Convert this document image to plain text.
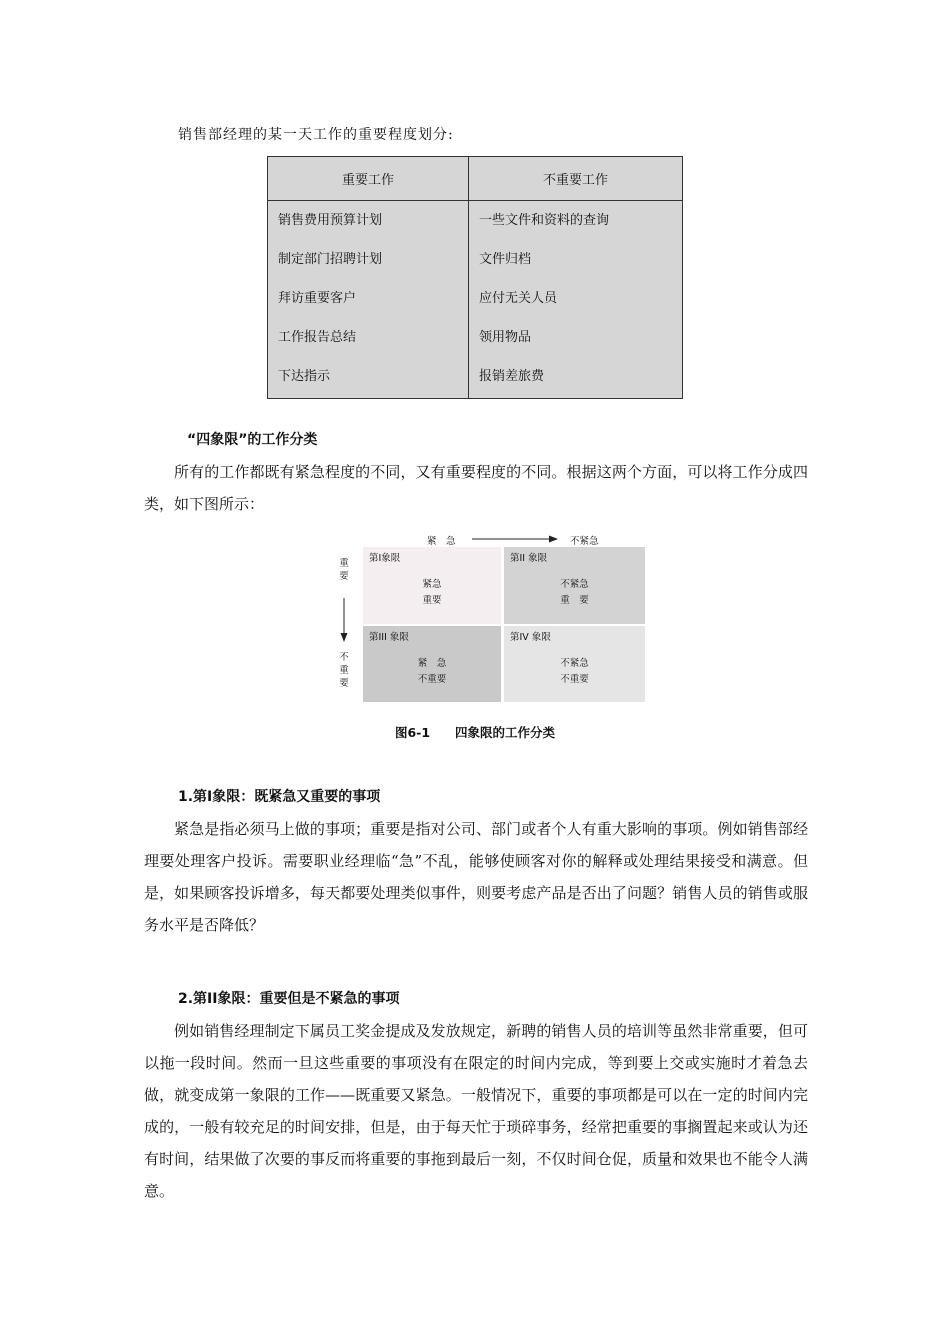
销售部经理的某一天工作的重要程度划分:
重要工作	不重要工作

销售费用预算计划	一些文件和资料的查询

制定部门招聘计划	文件归档

拜访重要客户	应付无关人员

工作报告总结	领用物品

下达指示	报销差旅费
“四象限”的工作分类
所有的工作都既有紧急程度的不同，又有重要程度的不同。根据这两个方面，可以将工作分成四类，如下图所示：
紧　急	不紧急
重
要
不
重
要
第Ⅰ象限
紧急
重要
第II 象限
不紧急
重　要
第III 象限
紧　急
不重要
第IV 象限
不紧急
不重要
图6-1　　四象限的工作分类
1.第Ⅰ象限：既紧急又重要的事项
紧急是指必须马上做的事项；重要是指对公司、部门或者个人有重大影响的事项。例如销售部经理要处理客户投诉。需要职业经理临“急”不乱，能够使顾客对你的解释或处理结果接受和满意。但是，如果顾客投诉增多，每天都要处理类似事件，则要考虑产品是否出了问题？销售人员的销售或服务水平是否降低？
2.第II象限：重要但是不紧急的事项
例如销售经理制定下属员工奖金提成及发放规定，新聘的销售人员的培训等虽然非常重要，但可以拖一段时间。然而一旦这些重要的事项没有在限定的时间内完成，等到要上交或实施时才着急去做，就变成第一象限的工作——既重要又紧急。一般情况下，重要的事项都是可以在一定的时间内完成的，一般有较充足的时间安排，但是，由于每天忙于琐碎事务，经常把重要的事搁置起来或认为还有时间，结果做了次要的事反而将重要的事拖到最后一刻，不仅时间仓促，质量和效果也不能令人满意。
